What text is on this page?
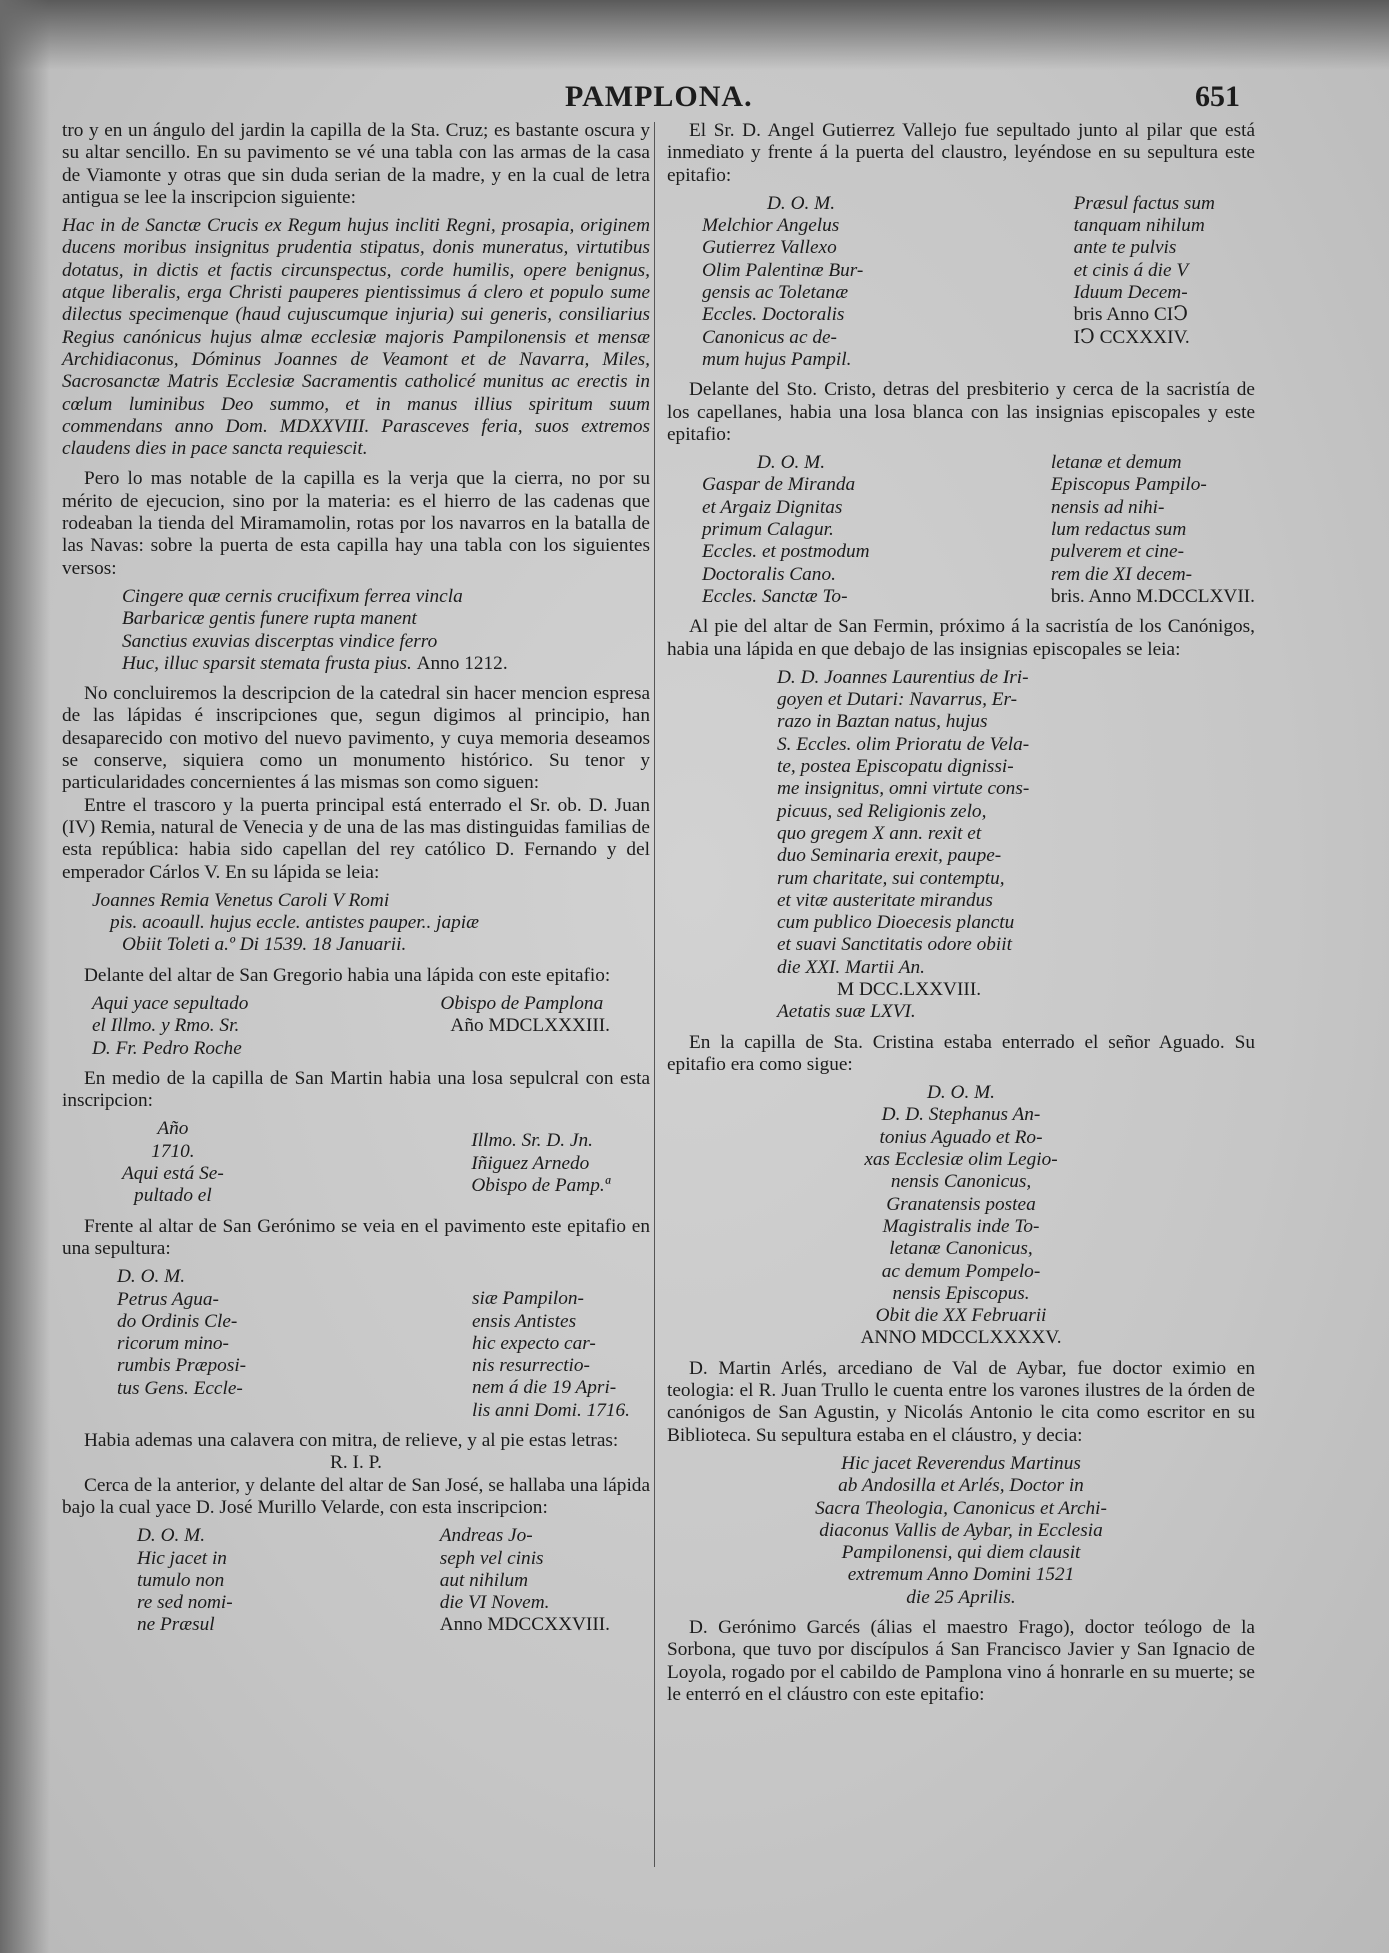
PAMPLONA.	651

tro y en un ángulo del jardin la capilla de la Sta. Cruz; es bastante oscura y su altar sencillo. En su pavimento se vé una tabla con las armas de la casa de Viamonte y otras que sin duda serian de la madre, y en la cual de letra antigua se lee la inscripcion siguiente:

Hac in de Sanctæ Crucis ex Regum hujus incliti Regni, prosapia, originem ducens moribus insignitus prudentia stipatus, donis muneratus, virtutibus dotatus, in dictis et factis circunspectus, corde humilis, opere benignus, atque liberalis, erga Christi pauperes pientissimus á clero et populo sume dilectus specimenque (haud cujuscumque injuria) sui generis, consiliarius Regius canónicus hujus almæ ecclesiæ majoris Pampilonensis et mensæ Archidiaconus, Dóminus Joannes de Veamont et de Navarra, Miles, Sacrosanctæ Matris Ecclesiæ Sacramentis catholicé munitus ac erectis in cœlum luminibus Deo summo, et in manus illius spiritum suum commendans anno Dom. MDXXVIII. Parasceves feria, suos extremos claudens dies in pace sancta requiescit.

Pero lo mas notable de la capilla es la verja que la cierra, no por su mérito de ejecucion, sino por la materia: es el hierro de las cadenas que rodeaban la tienda del Miramamolin, rotas por los navarros en la batalla de las Navas: sobre la puerta de esta capilla hay una tabla con los siguientes versos:

Cingere quæ cernis crucifixum ferrea vincla
Barbaricæ gentis funere rupta manent
Sanctius exuvias discerptas vindice ferro
Huc, illuc sparsit stemata frusta pius. Anno 1212.

No concluiremos la descripcion de la catedral sin hacer mencion espresa de las lápidas é inscripciones que, segun digimos al principio, han desaparecido con motivo del nuevo pavimento, y cuya memoria deseamos se conserve, siquiera como un monumento histórico. Su tenor y particularidades concernientes á las mismas son como siguen:

Entre el trascoro y la puerta principal está enterrado el Sr. ob. D. Juan (IV) Remia, natural de Venecia y de una de las mas distinguidas familias de esta república: habia sido capellan del rey católico D. Fernando y del emperador Cárlos V. En su lápida se leia:

Joannes Remia Venetus Caroli V Romi
pis. acoaull. hujus eccle. antistes pauper.. japiæ
Obiit Toleti a.º Di 1539. 18 Januarii.

Delante del altar de San Gregorio habia una lápida con este epitafio:

Aqui yace sepultado
el Illmo. y Rmo. Sr.
D. Fr. Pedro Roche
Obispo de Pamplona
Año MDCLXXXIII.

En medio de la capilla de San Martin habia una losa sepulcral con esta inscripcion:

Año
1710.
Aqui está Se-
pultado el
Illmo. Sr. D. Jn.
Iñiguez Arnedo
Obispo de Pamp.ª

Frente al altar de San Gerónimo se veia en el pavimento este epitafio en una sepultura:

D. O. M.
Petrus Agua-
do Ordinis Cle-
ricorum mino-
rumbis Præposi-
tus Gens. Eccle-
siæ Pampilon-
ensis Antistes
hic expecto car-
nis resurrectio-
nem á die 19 Apri-
lis anni Domi. 1716.

Habia ademas una calavera con mitra, de relieve, y al pie estas letras:

R. I. P.

Cerca de la anterior, y delante del altar de San José, se hallaba una lápida bajo la cual yace D. José Murillo Velarde, con esta inscripcion:

D. O. M.
Hic jacet in
tumulo non
re sed nomi-
ne Præsul
Andreas Jo-
seph vel cinis
aut nihilum
die VI Novem.
Anno MDCCXXVIII.

El Sr. D. Angel Gutierrez Vallejo fue sepultado junto al pilar que está inmediato y frente á la puerta del claustro, leyéndose en su sepultura este epitafio:

D. O. M.
Melchior Angelus
Gutierrez Vallexo
Olim Palentinæ Bur-
gensis ac Toletanæ
Eccles. Doctoralis
Canonicus ac de-
mum hujus Pampil.
Præsul factus sum
tanquam nihilum
ante te pulvis
et cinis á die V
Iduum Decem-
bris Anno CIↃ
IↃ CCXXXIV.

Delante del Sto. Cristo, detras del presbiterio y cerca de la sacristía de los capellanes, habia una losa blanca con las insignias episcopales y este epitafio:

D. O. M.
Gaspar de Miranda
et Argaiz Dignitas
primum Calagur.
Eccles. et postmodum
Doctoralis Cano.
Eccles. Sanctæ To-
letanæ et demum
Episcopus Pampilo-
nensis ad nihi-
lum redactus sum
pulverem et cine-
rem die XI decem-
bris. Anno M.DCCLXVII.

Al pie del altar de San Fermin, próximo á la sacristía de los Canónigos, habia una lápida en que debajo de las insignias episcopales se leia:

D. D. Joannes Laurentius de Iri-
goyen et Dutari: Navarrus, Er-
razo in Baztan natus, hujus
S. Eccles. olim Prioratu de Vela-
te, postea Episcopatu dignissi-
me insignitus, omni virtute cons-
picuus, sed Religionis zelo,
quo gregem X ann. rexit et
duo Seminaria erexit, paupe-
rum charitate, sui contemptu,
et vitæ austeritate mirandus
cum publico Dioecesis planctu
et suavi Sanctitatis odore obiit
die XXI. Martii An.
M DCC.LXXVIII.
Aetatis suæ LXVI.

En la capilla de Sta. Cristina estaba enterrado el señor Aguado. Su epitafio era como sigue:

D. O. M.
D. D. Stephanus An-
tonius Aguado et Ro-
xas Ecclesiæ olim Legio-
nensis Canonicus,
Granatensis postea
Magistralis inde To-
letanæ Canonicus,
ac demum Pompelo-
nensis Episcopus.
Obit die XX Februarii
ANNO MDCCLXXXXV.

D. Martin Arlés, arcediano de Val de Aybar, fue doctor eximio en teologia: el R. Juan Trullo le cuenta entre los varones ilustres de la órden de canónigos de San Agustin, y Nicolás Antonio le cita como escritor en su Biblioteca. Su sepultura estaba en el cláustro, y decia:

Hic jacet Reverendus Martinus
ab Andosilla et Arlés, Doctor in
Sacra Theologia, Canonicus et Archi-
diaconus Vallis de Aybar, in Ecclesia
Pampilonensi, qui diem clausit
extremum Anno Domini 1521
die 25 Aprilis.

D. Gerónimo Garcés (álias el maestro Frago), doctor teólogo de la Sorbona, que tuvo por discípulos á San Francisco Javier y San Ignacio de Loyola, rogado por el cabildo de Pamplona vino á honrarle en su muerte; se le enterró en el cláustro con este epitafio:
